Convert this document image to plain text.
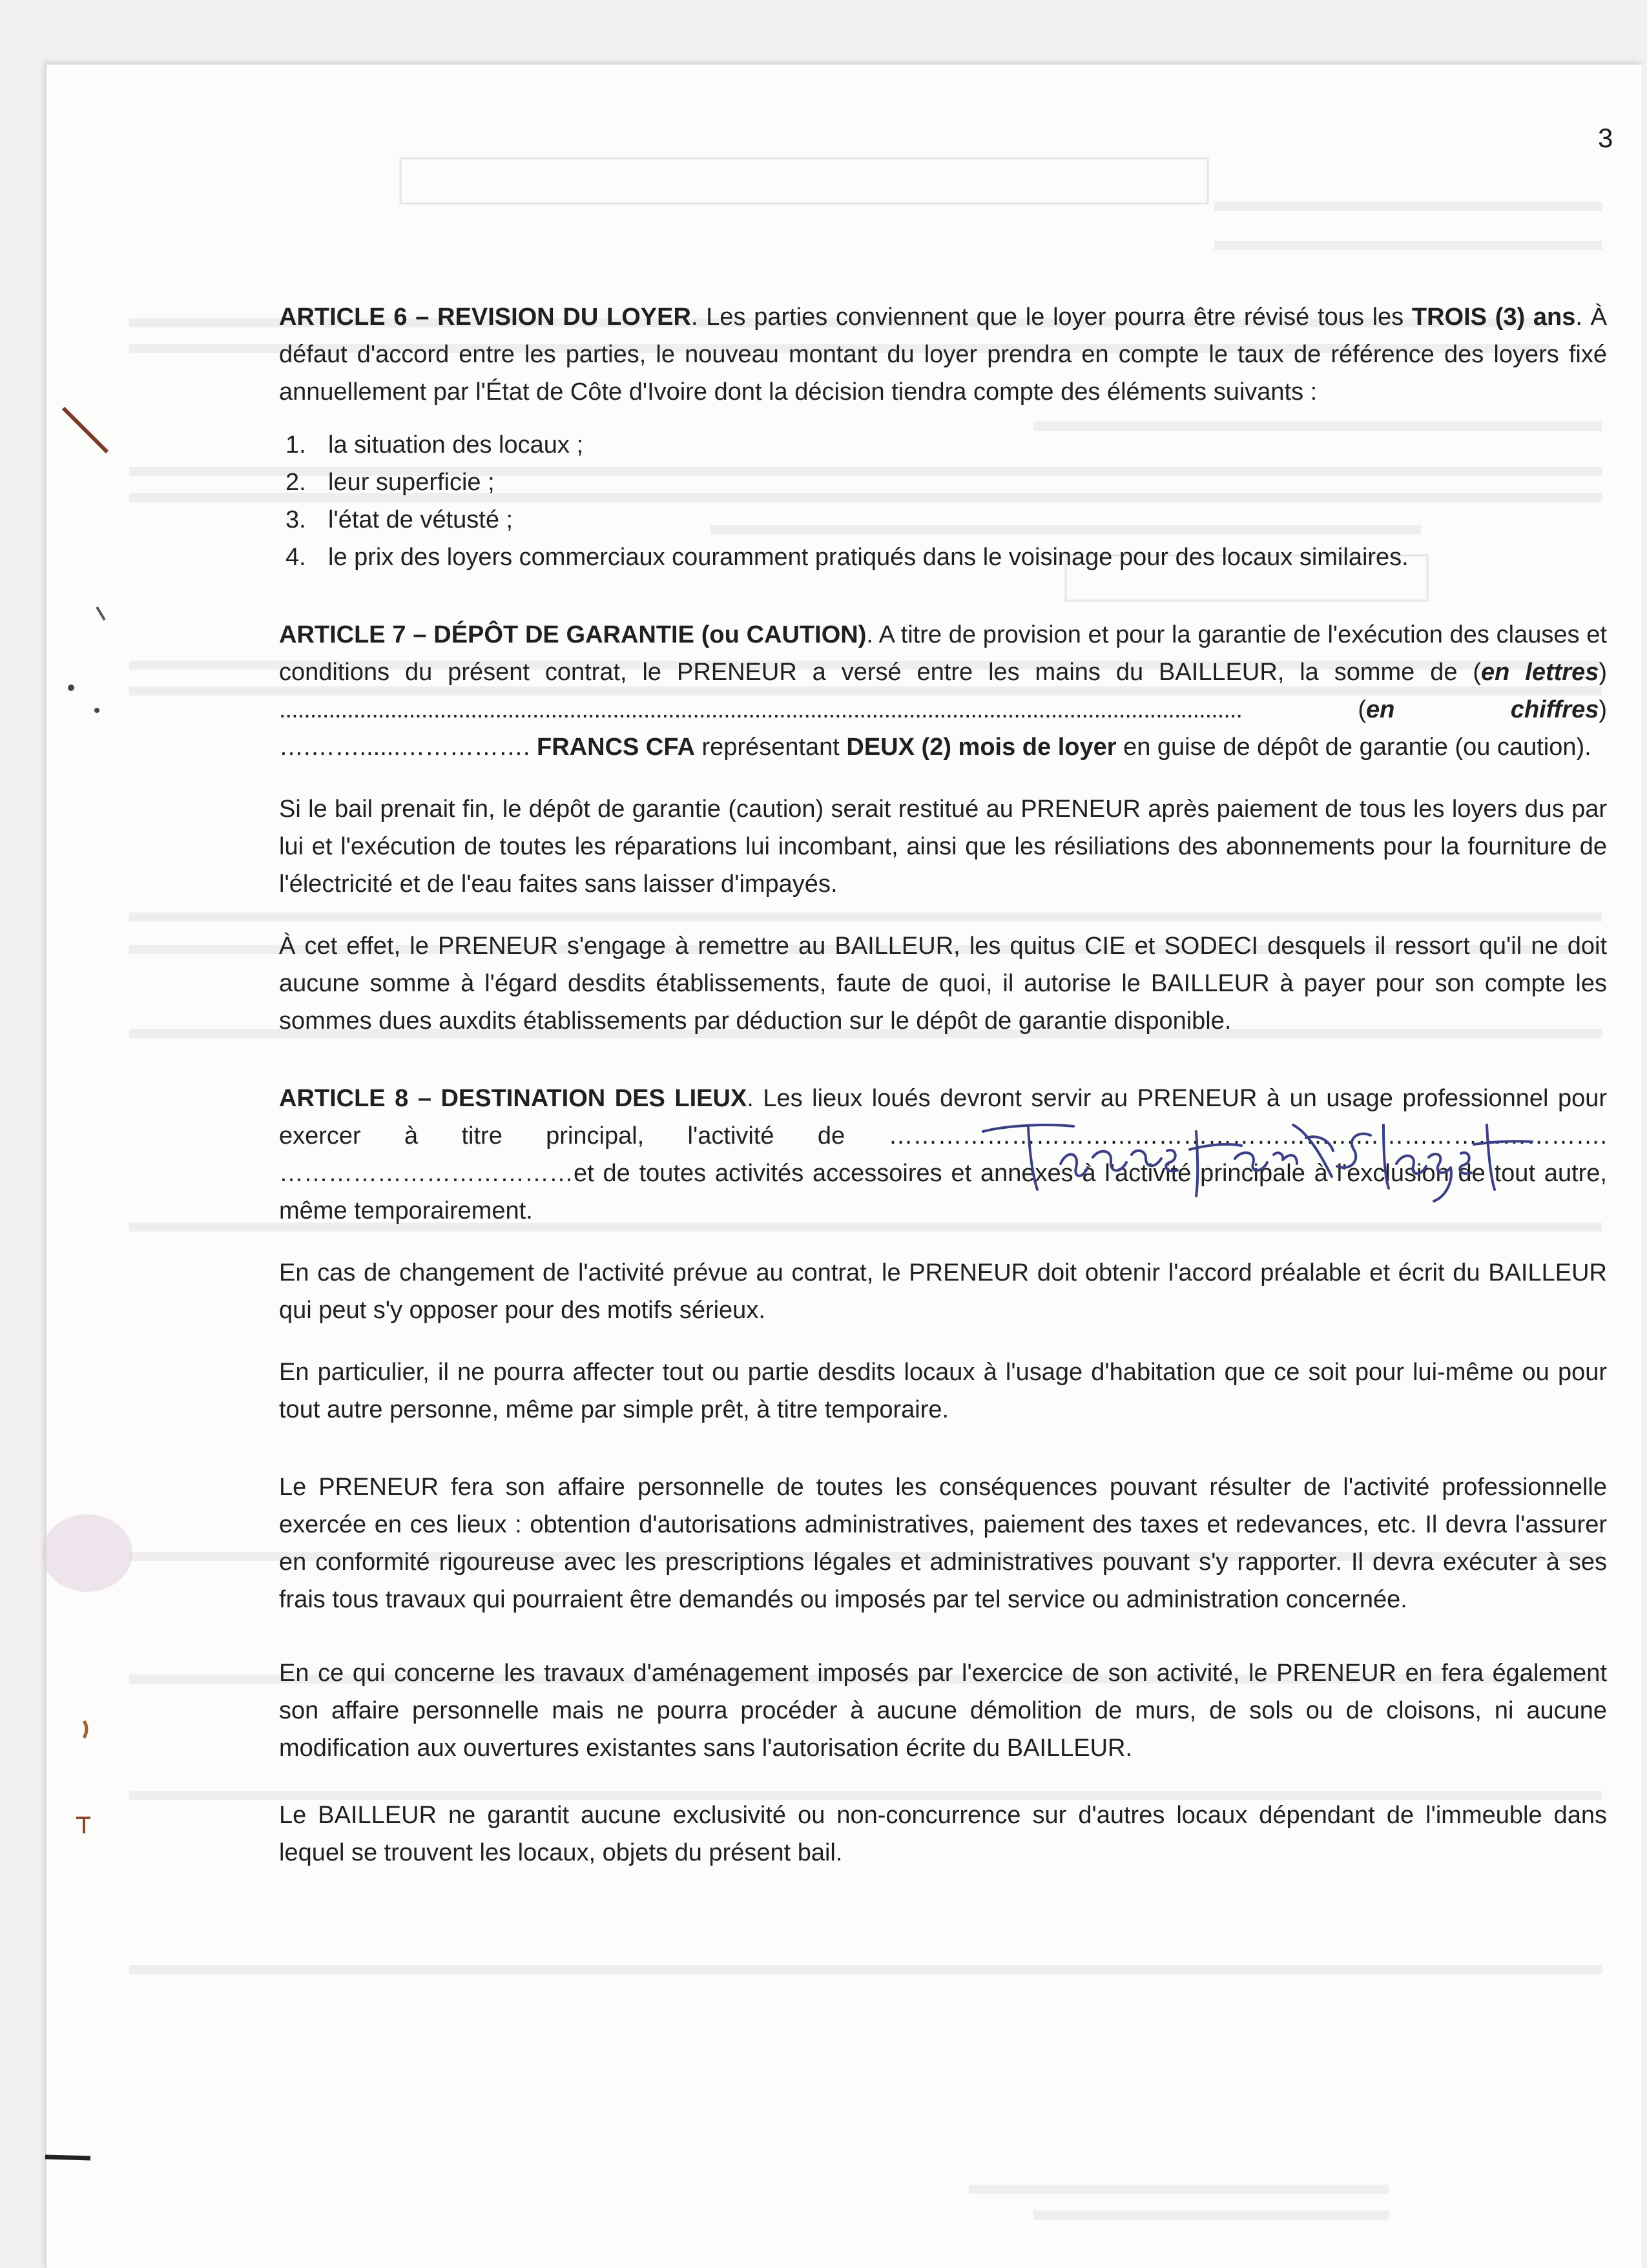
3

ARTICLE 6 – REVISION DU LOYER. Les parties conviennent que le loyer pourra être révisé tous les TROIS (3) ans. À défaut d'accord entre les parties, le nouveau montant du loyer prendra en compte le taux de référence des loyers fixé annuellement par l'État de Côte d'Ivoire dont la décision tiendra compte des éléments suivants :

1. la situation des locaux ;
2. leur superficie ;
3. l'état de vétusté ;
4. le prix des loyers commerciaux couramment pratiqués dans le voisinage pour des locaux similaires.

ARTICLE 7 – DÉPÔT DE GARANTIE (ou CAUTION). A titre de provision et pour la garantie de l'exécution des clauses et conditions du présent contrat, le PRENEUR a versé entre les mains du BAILLEUR, la somme de (en lettres) ............................................................................................................................................................	(en chiffres) ….……......……………. FRANCS CFA représentant DEUX (2) mois de loyer en guise de dépôt de garantie (ou caution).

Si le bail prenait fin, le dépôt de garantie (caution) serait restitué au PRENEUR après paiement de tous les loyers dus par lui et l'exécution de toutes les réparations lui incombant, ainsi que les résiliations des abonnements pour la fourniture de l'électricité et de l'eau faites sans laisser d'impayés.

À cet effet, le PRENEUR s'engage à remettre au BAILLEUR, les quitus CIE et SODECI desquels il ressort qu'il ne doit aucune somme à l'égard desdits établissements, faute de quoi, il autorise le BAILLEUR à payer pour son compte les sommes dues auxdits établissements par déduction sur le dépôt de garantie disponible.

ARTICLE 8 – DESTINATION DES LIEUX. Les lieux loués devront servir au PRENEUR à un usage professionnel pour exercer à titre principal, l'activité de ……………………………………………………………………………. ………………………………et de toutes activités accessoires et annexes à l'activité principale à l'exclusion de tout autre, même temporairement.

En cas de changement de l'activité prévue au contrat, le PRENEUR doit obtenir l'accord préalable et écrit du BAILLEUR qui peut s'y opposer pour des motifs sérieux.

En particulier, il ne pourra affecter tout ou partie desdits locaux à l'usage d'habitation que ce soit pour lui-même ou pour tout autre personne, même par simple prêt, à titre temporaire.

Le PRENEUR fera son affaire personnelle de toutes les conséquences pouvant résulter de l'activité professionnelle exercée en ces lieux : obtention d'autorisations administratives, paiement des taxes et redevances, etc. Il devra l'assurer en conformité rigoureuse avec les prescriptions légales et administratives pouvant s'y rapporter. Il devra exécuter à ses frais tous travaux qui pourraient être demandés ou imposés par tel service ou administration concernée.

En ce qui concerne les travaux d'aménagement imposés par l'exercice de son activité, le PRENEUR en fera également son affaire personnelle mais ne pourra procéder à aucune démolition de murs, de sols ou de cloisons, ni aucune modification aux ouvertures existantes sans l'autorisation écrite du BAILLEUR.

Le BAILLEUR ne garantit aucune exclusivité ou non-concurrence sur d'autres locaux dépendant de l'immeuble dans lequel se trouvent les locaux, objets du présent bail.
